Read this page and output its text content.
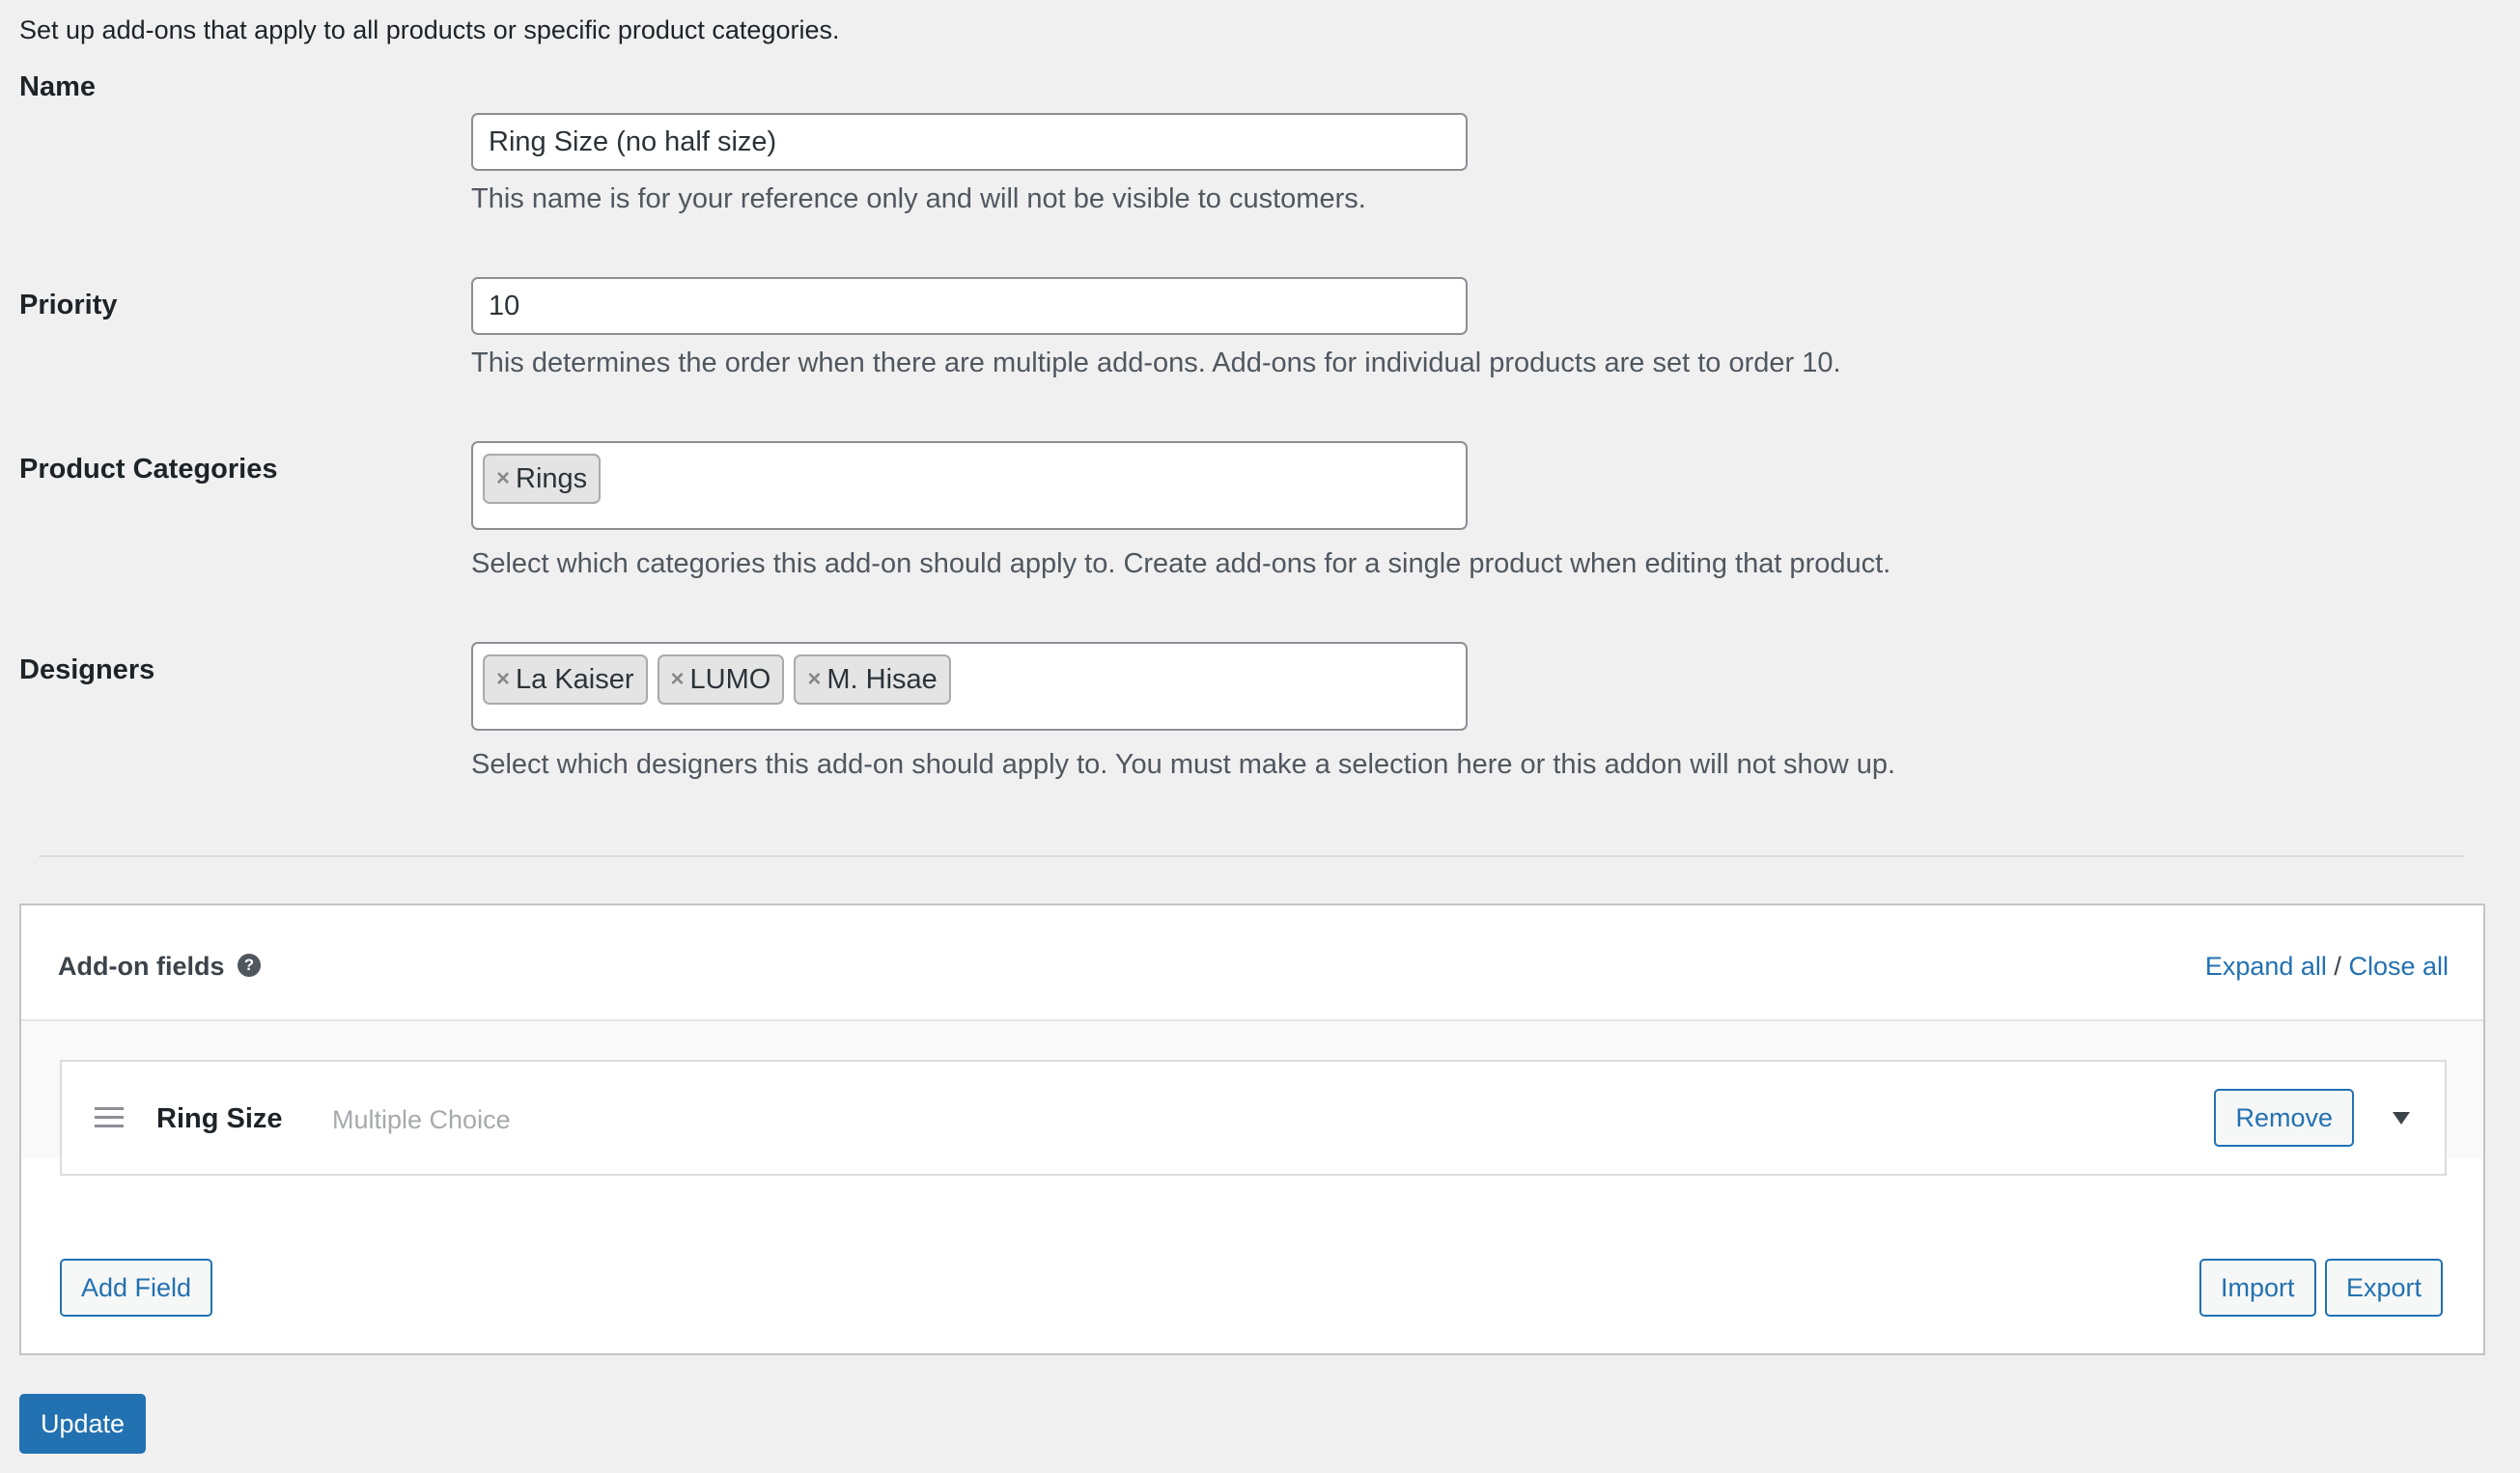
Set up add-ons that apply to all products or specific product categories.
Name
Ring Size (no half size)
This name is for your reference only and will not be visible to customers.
Priority
10
This determines the order when there are multiple add-ons. Add-ons for individual products are set to order 10.
Product Categories	× Rings
Select which categories this add-on should apply to. Create add-ons for a single product when editing that product.
Designers	× La Kaiser × LUMO × M. Hisae
Select which designers this add-on should apply to. You must make a selection here or this addon will not show up.
Add-on fields	?	Expand all / Close all
Ring Size Multiple Choice	Remove
Add Field	Import	Export
Update
